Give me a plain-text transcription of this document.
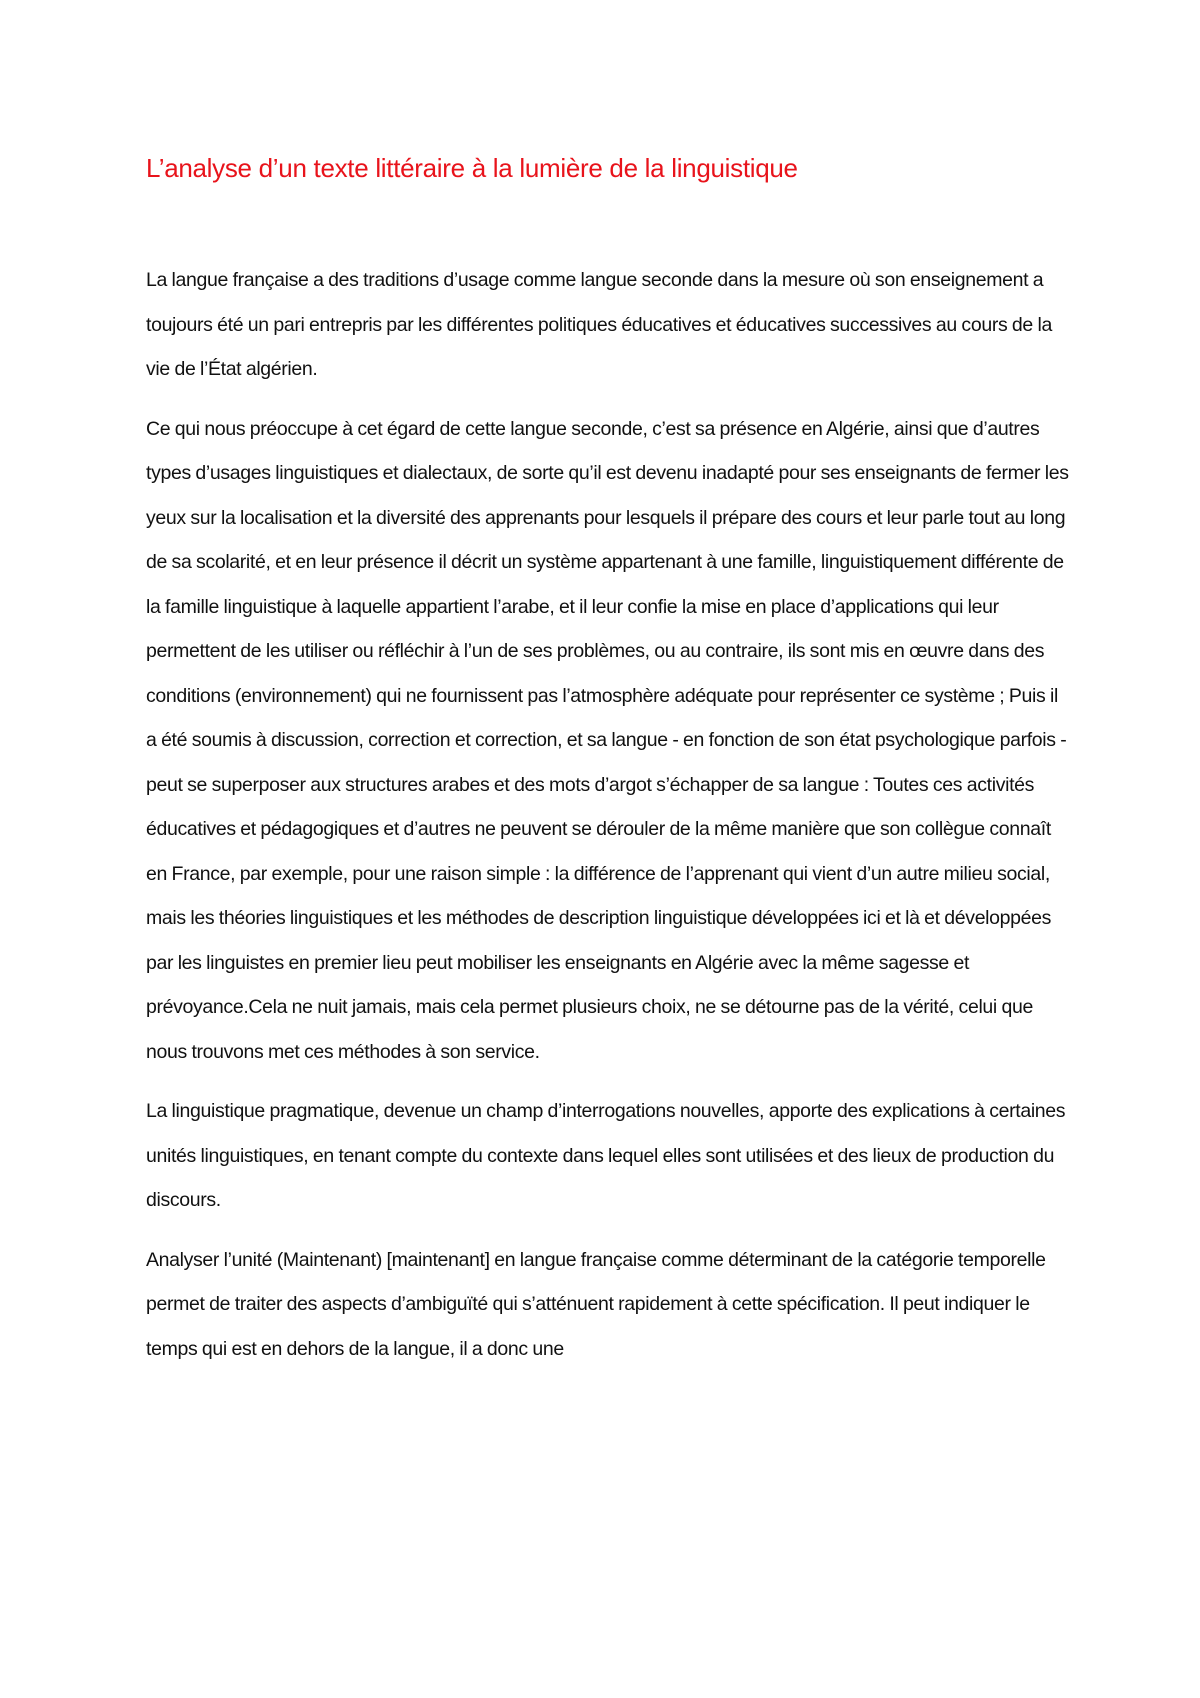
L’analyse d’un texte littéraire à la lumière de la linguistique

La langue française a des traditions d’usage comme langue seconde dans la mesure où son enseignement a toujours été un pari entrepris par les différentes politiques éducatives et éducatives successives au cours de la vie de l’État algérien.

Ce qui nous préoccupe à cet égard de cette langue seconde, c’est sa présence en Algérie, ainsi que d’autres types d’usages linguistiques et dialectaux, de sorte qu’il est devenu inadapté pour ses enseignants de fermer les yeux sur la localisation et la diversité des apprenants pour lesquels il prépare des cours et leur parle tout au long de sa scolarité, et en leur présence il décrit un système appartenant à une famille, linguistiquement différente de la famille linguistique à laquelle appartient l’arabe, et il leur confie la mise en place d’applications qui leur permettent de les utiliser ou réfléchir à l’un de ses problèmes, ou au contraire, ils sont mis en œuvre dans des conditions (environnement) qui ne fournissent pas l’atmosphère adéquate pour représenter ce système ; Puis il a été soumis à discussion, correction et correction, et sa langue - en fonction de son état psychologique parfois - peut se superposer aux structures arabes et des mots d’argot s’échapper de sa langue : Toutes ces activités éducatives et pédagogiques et d’autres ne peuvent se dérouler de la même manière que son collègue connaît en France, par exemple, pour une raison simple : la différence de l’apprenant qui vient d’un autre milieu social, mais les théories linguistiques et les méthodes de description linguistique développées ici et là et développées par les linguistes en premier lieu peut mobiliser les enseignants en Algérie avec la même sagesse et prévoyance.Cela ne nuit jamais, mais cela permet plusieurs choix, ne se détourne pas de la vérité, celui que nous trouvons met ces méthodes à son service.

La linguistique pragmatique, devenue un champ d’interrogations nouvelles, apporte des explications à certaines unités linguistiques, en tenant compte du contexte dans lequel elles sont utilisées et des lieux de production du discours.

Analyser l’unité (Maintenant) [maintenant] en langue française comme déterminant de la catégorie temporelle permet de traiter des aspects d’ambiguïté qui s’atténuent rapidement à cette spécification. Il peut indiquer le temps qui est en dehors de la langue, il a donc une
